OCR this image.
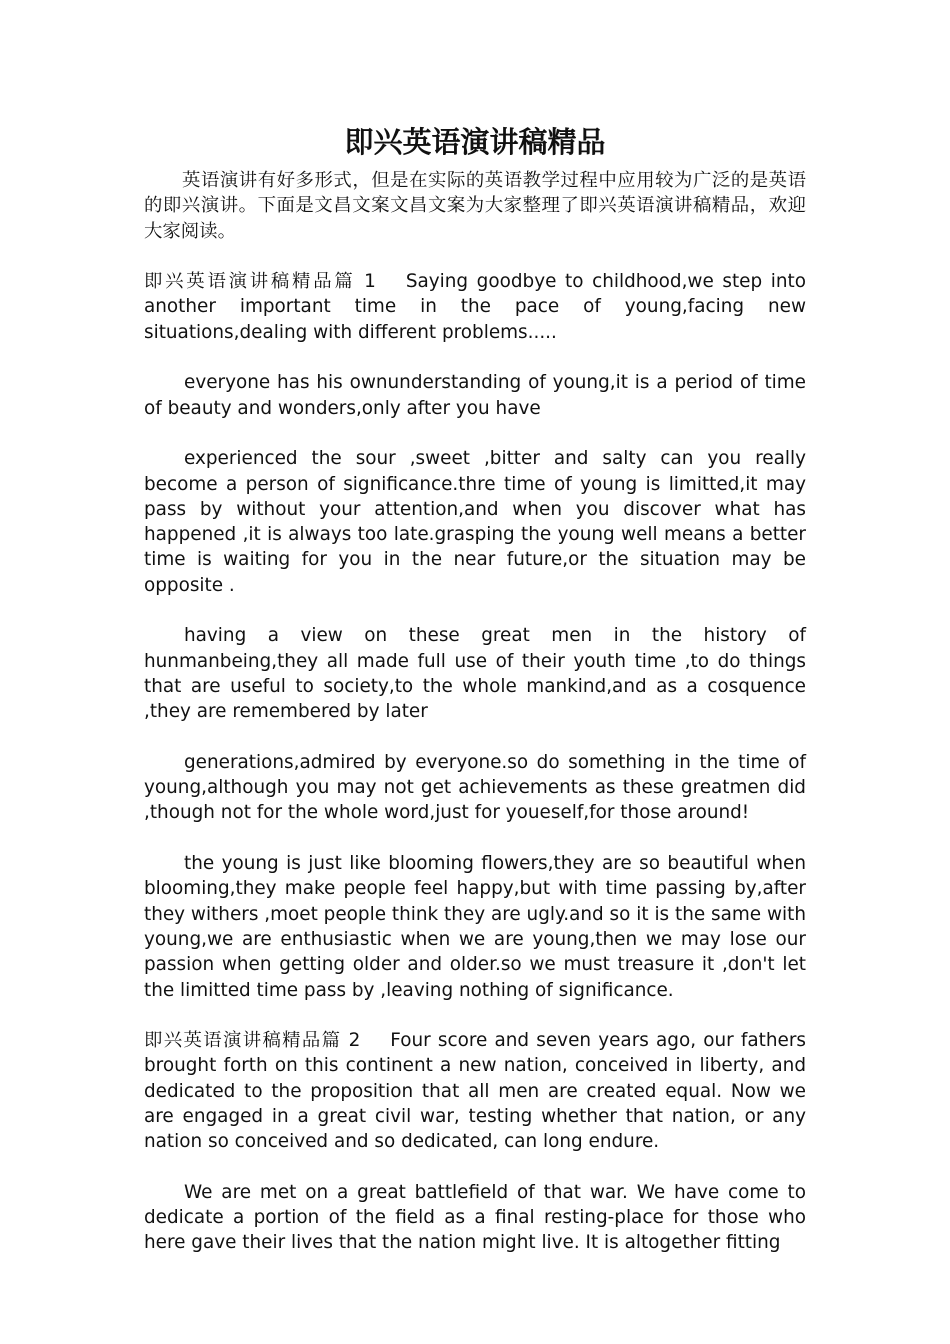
即兴英语演讲稿精品

英语演讲有好多形式，但是在实际的英语教学过程中应用较为广泛的是英语的即兴演讲。下面是文昌文案文昌文案为大家整理了即兴英语演讲稿精品，欢迎大家阅读。

即兴英语演讲稿精品篇 1 Saying goodbye to childhood,we step into another important time in the pace of young,facing new situations,dealing with different problems.....

everyone has his ownunderstanding of young,it is a period of time of beauty and wonders,only after you have

experienced the sour ,sweet ,bitter and salty can you really become a person of significance.thre time of young is limitted,it may pass by without your attention,and when you discover what has happened ,it is always too late.grasping the young well means a better time is waiting for you in the near future,or the situation may be opposite .

having a view on these great men in the history of hunmanbeing,they all made full use of their youth time ,to do things that are useful to society,to the whole mankind,and as a cosquence ,they are remembered by later

generations,admired by everyone.so do something in the time of young,although you may not get achievements as these greatmen did ,though not for the whole word,just for youeself,for those around!

the young is just like blooming flowers,they are so beautiful when blooming,they make people feel happy,but with time passing by,after they withers ,moet people think they are ugly.and so it is the same with young,we are enthusiastic when we are young,then we may lose our passion when getting older and older.so we must treasure it ,don't let the limitted time pass by ,leaving nothing of significance.

即兴英语演讲稿精品篇 2 Four score and seven years ago, our fathers brought forth on this continent a new nation, conceived in liberty, and dedicated to the proposition that all men are created equal. Now we are engaged in a great civil war, testing whether that nation, or any nation so conceived and so dedicated, can long endure.

We are met on a great battlefield of that war. We have come to dedicate a portion of the field as a final resting-place for those who here gave their lives that the nation might live. It is altogether fitting
